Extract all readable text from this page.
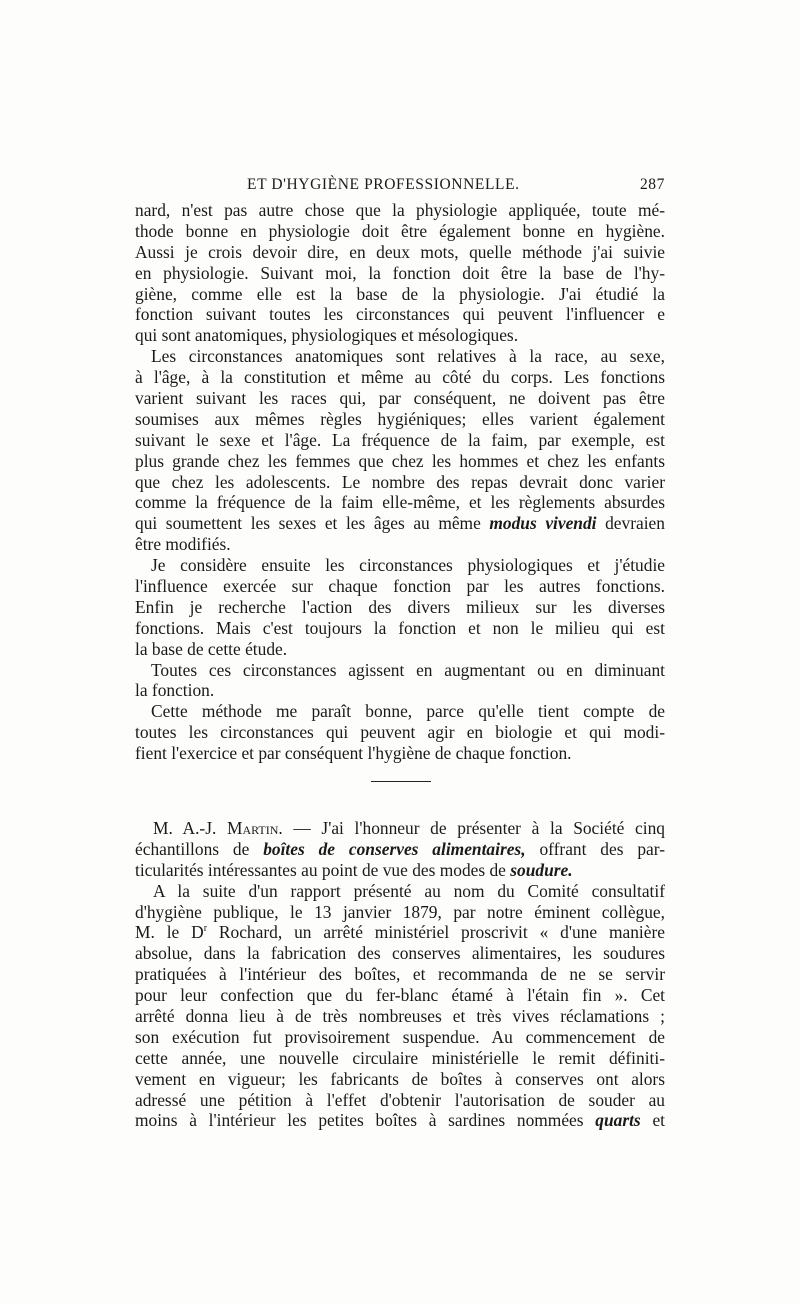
ET D'HYGIÈNE PROFESSIONNELLE.	287
nard, n'est pas autre chose que la physiologie appliquée, toute mé-
thode bonne en physiologie doit être également bonne en hygiène.
Aussi je crois devoir dire, en deux mots, quelle méthode j'ai suivie
en physiologie. Suivant moi, la fonction doit être la base de l'hy-
giène, comme elle est la base de la physiologie. J'ai étudié la
fonction suivant toutes les circonstances qui peuvent l'influencer e
qui sont anatomiques, physiologiques et mésologiques.
Les circonstances anatomiques sont relatives à la race, au sexe,
à l'âge, à la constitution et même au côté du corps. Les fonctions
varient suivant les races qui, par conséquent, ne doivent pas être
soumises aux mêmes règles hygiéniques; elles varient également
suivant le sexe et l'âge. La fréquence de la faim, par exemple, est
plus grande chez les femmes que chez les hommes et chez les enfants
que chez les adolescents. Le nombre des repas devrait donc varier
comme la fréquence de la faim elle-même, et les règlements absurdes
qui soumettent les sexes et les âges au même modus vivendi devraien
être modifiés.
Je considère ensuite les circonstances physiologiques et j'étudie
l'influence exercée sur chaque fonction par les autres fonctions.
Enfin je recherche l'action des divers milieux sur les diverses
fonctions. Mais c'est toujours la fonction et non le milieu qui est
la base de cette étude.
Toutes ces circonstances agissent en augmentant ou en diminuant
la fonction.
Cette méthode me paraît bonne, parce qu'elle tient compte de
toutes les circonstances qui peuvent agir en biologie et qui modi-
fient l'exercice et par conséquent l'hygiène de chaque fonction.
M. A.-J. Martin. — J'ai l'honneur de présenter à la Société cinq
échantillons de boîtes de conserves alimentaires, offrant des par-
ticularités intéressantes au point de vue des modes de soudure.
A la suite d'un rapport présenté au nom du Comité consultatif
d'hygiène publique, le 13 janvier 1879, par notre éminent collègue,
M. le $D^r$ Rochard, un arrêté ministériel proscrivit « d'une manière
absolue, dans la fabrication des conserves alimentaires, les soudures
pratiquées à l'intérieur des boîtes, et recommanda de ne se servir
pour leur confection que du fer-blanc étamé à l'étain fin ». Cet
arrêté donna lieu à de très nombreuses et très vives réclamations ;
son exécution fut provisoirement suspendue. Au commencement de
cette année, une nouvelle circulaire ministérielle le remit définiti-
vement en vigueur; les fabricants de boîtes à conserves ont alors
adressé une pétition à l'effet d'obtenir l'autorisation de souder au
moins à l'intérieur les petites boîtes à sardines nommées quarts et
